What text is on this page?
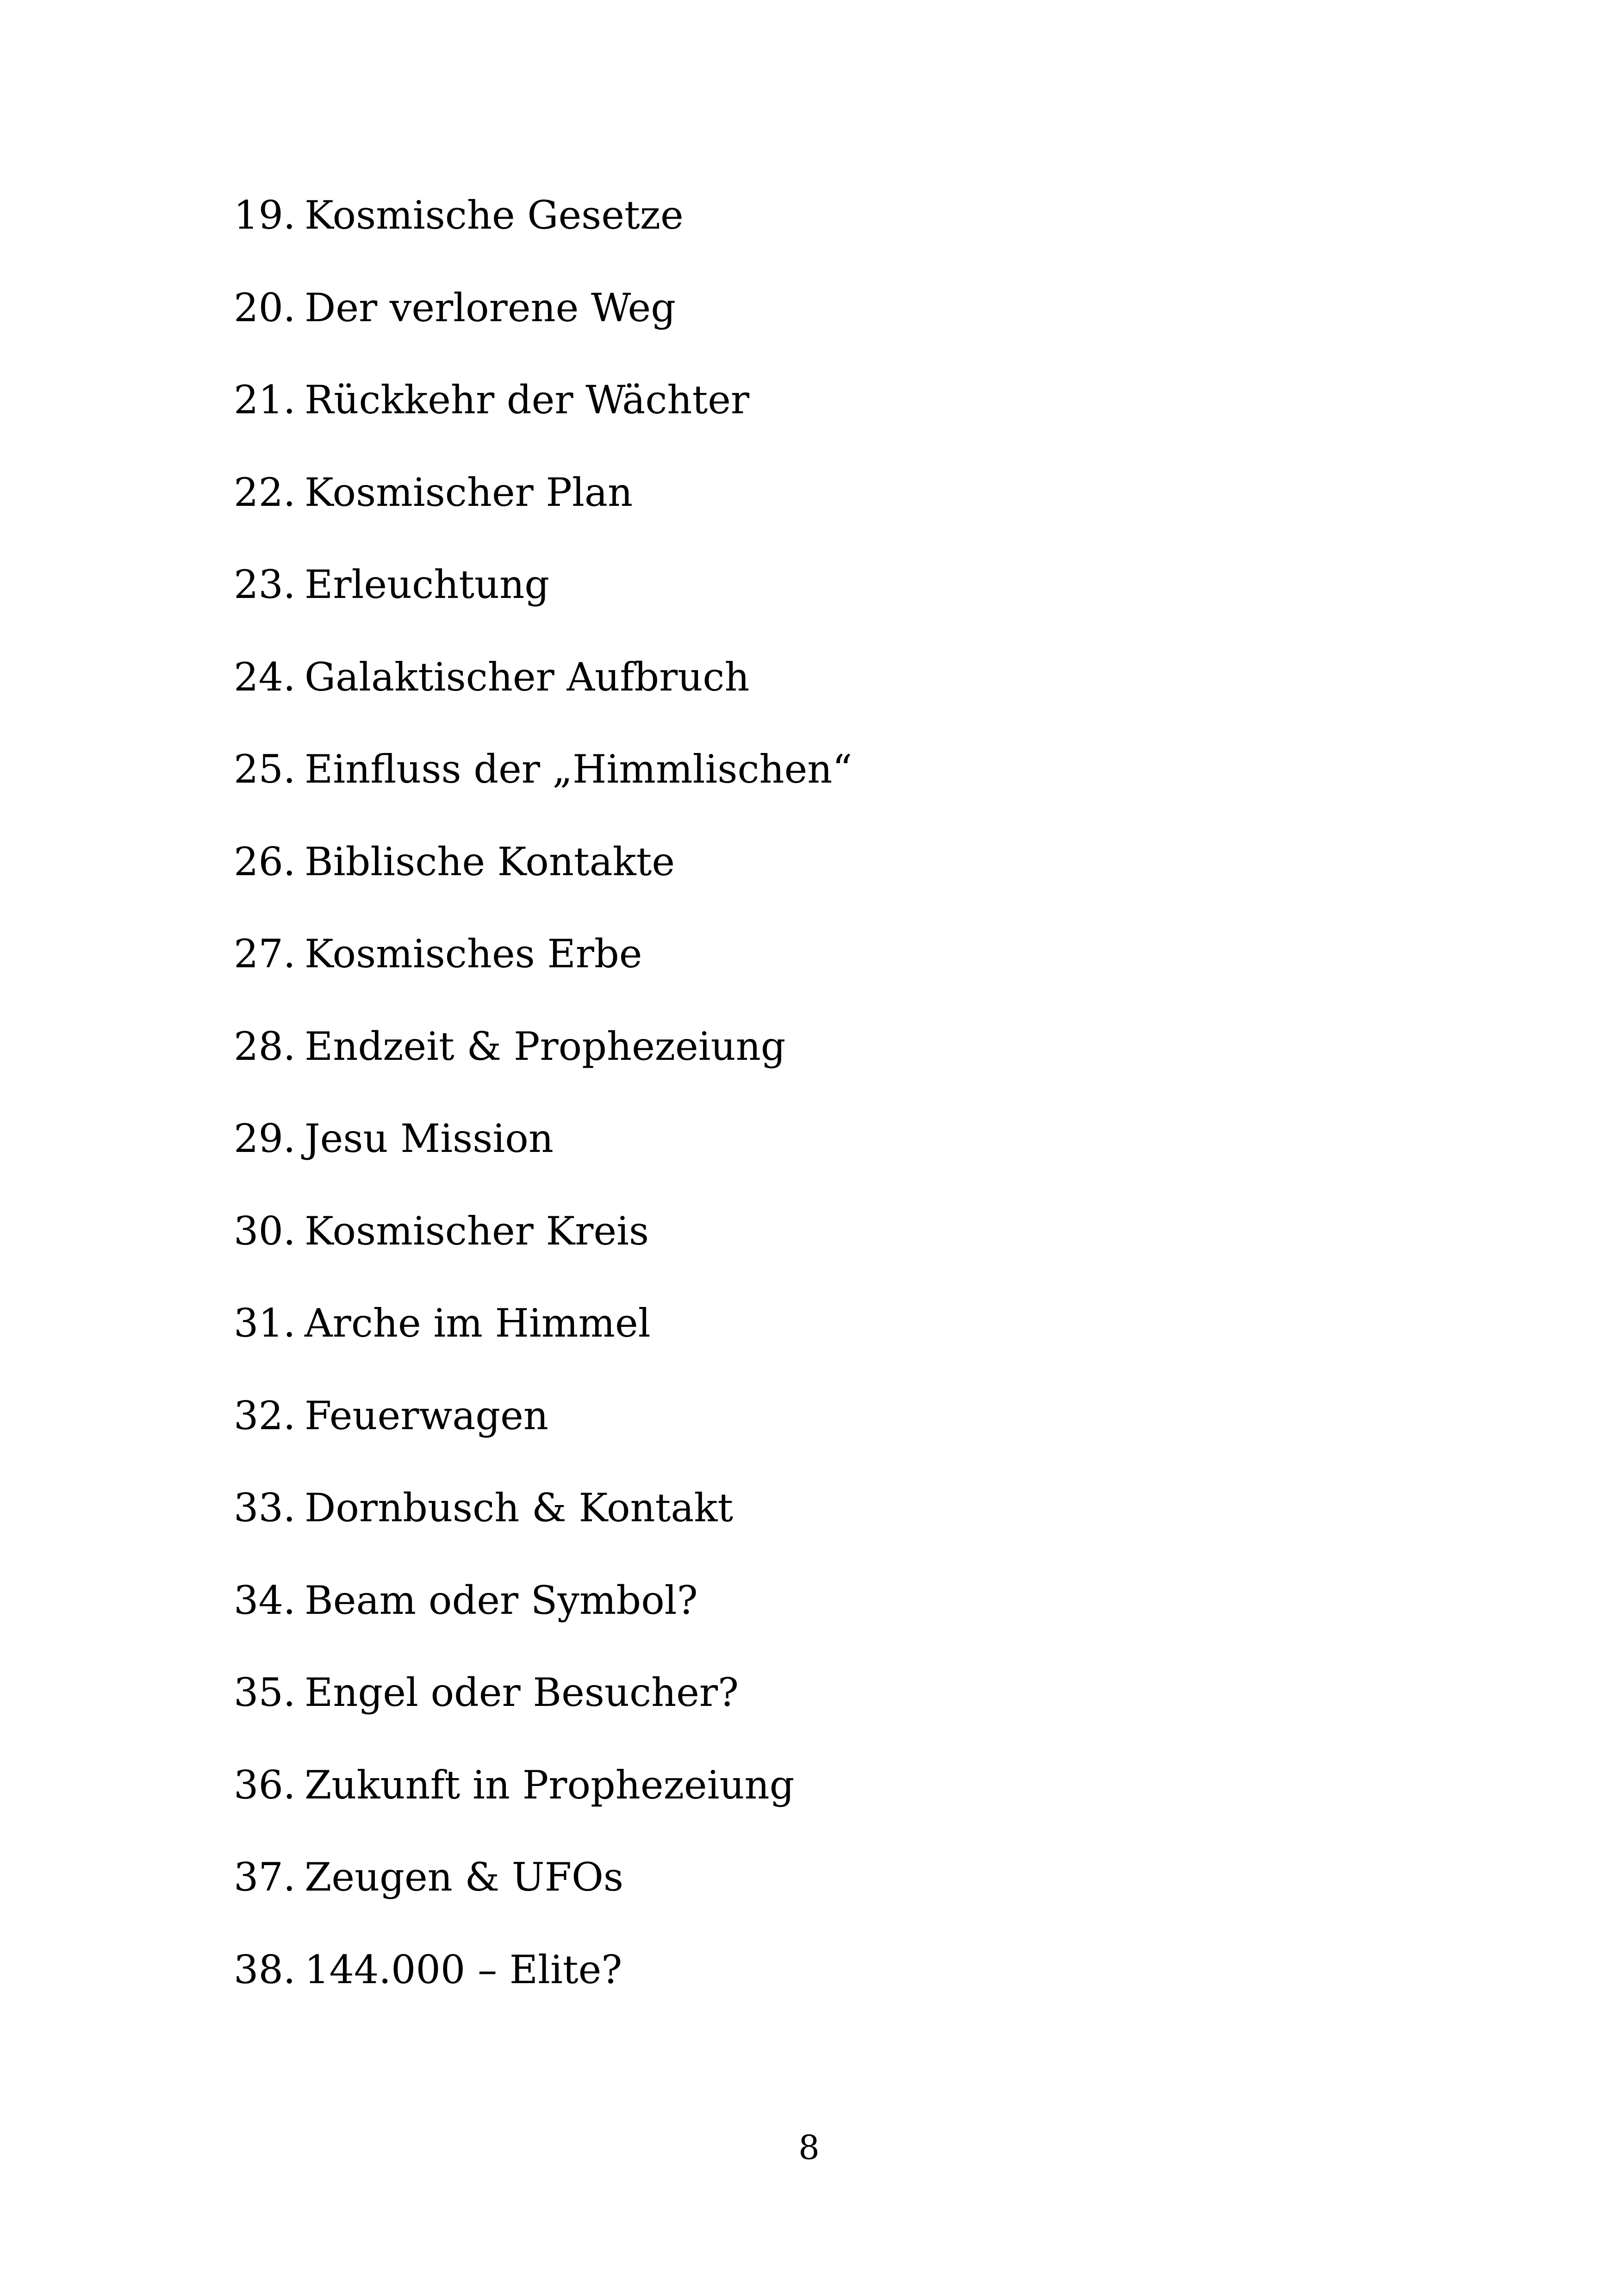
19. Kosmische Gesetze
20. Der verlorene Weg
21. Rückkehr der Wächter
22. Kosmischer Plan
23. Erleuchtung
24. Galaktischer Aufbruch
25. Einfluss der „Himmlischen“
26. Biblische Kontakte
27. Kosmisches Erbe
28. Endzeit & Prophezeiung
29. Jesu Mission
30. Kosmischer Kreis
31. Arche im Himmel
32. Feuerwagen
33. Dornbusch & Kontakt
34. Beam oder Symbol?
35. Engel oder Besucher?
36. Zukunft in Prophezeiung
37. Zeugen & UFOs
38. 144.000 – Elite?
8
